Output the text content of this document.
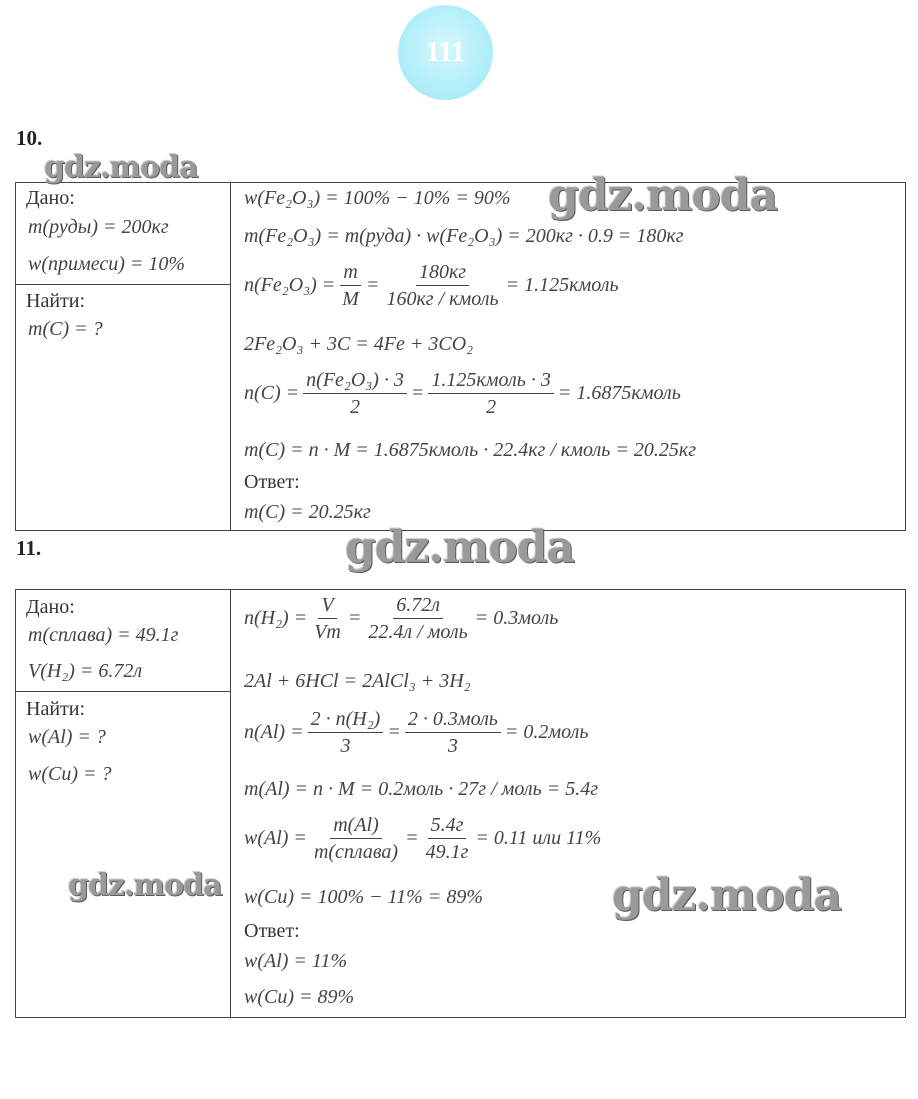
111
10.
Дано:
m(руды) = 200кг
w(примеси) = 10%
Найти:
m(C) = ?
w(Fe₂O₃) = 100% − 10% = 90%
m(Fe₂O₃) = m(руда) · w(Fe₂O₃) = 200кг · 0.9 = 180кг
$n(Fe_2O_3) = \frac{m}{M} = \frac{180кг}{\text{160кг / кмоль}}$ = 1.125кмоль
2Fe₂O₃ + 3C = 4Fe + 3CO₂
$n(C) = \frac{\text{n(Fe₂O₃) · 3}}{2} = \frac{\text{1.125кмоль · 3}}{2}$ = 1.6875кмоль
m(C) = n · M = 1.6875кмоль · 22.4кг / кмоль = 20.25кг
Ответ:
m(C) = 20.25кг
11.
Дано:
m(сплава) = 49.1г
V(H₂) = 6.72л
Найти:
w(Al) = ?
w(Cu) = ?
$n(H_2) = \frac{V}{Vm} = \frac{6.72л}{\text{22.4л / моль}}$ = 0.3моль
2Al + 6HCl = 2AlCl₃ + 3H₂
$n(Al) = \frac{\text{2 · n(H₂)}}{3} = \frac{\text{2 · 0.3моль}}{3}$ = 0.2моль
m(Al) = n · M = 0.2моль · 27г / моль = 5.4г
$w(Al) = \frac{m(Al)}{\text{m(сплава)}} = \frac{5.4г}{49.1г} = 0.11$ или 11%
w(Cu) = 100% − 11% = 89%
Ответ:
w(Al) = 11%
w(Cu) = 89%
gdz.moda
gdz.moda
gdz.moda
gdz.moda	gdz.moda
